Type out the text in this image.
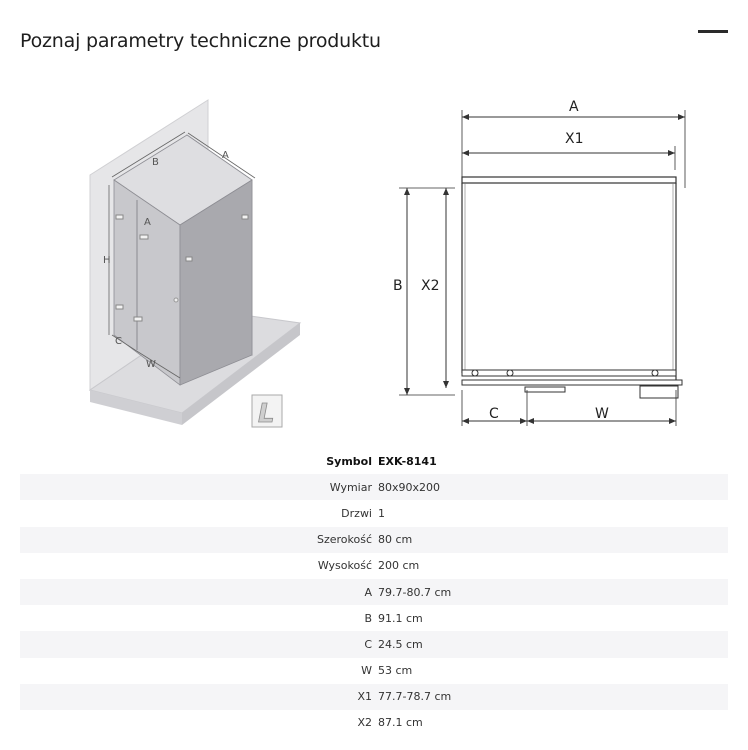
Poznaj parametry techniczne produktu
B
A
A
H
C
W
L
A
X1
B X2
C	W
Symbol	EXK-8141
Wymiar	80x90x200
Drzwi	1
Szerokość	80 cm
Wysokość	200 cm
A	79.7-80.7 cm
B	91.1 cm
C	24.5 cm
W	53 cm
X1	77.7-78.7 cm
X2	87.1 cm
